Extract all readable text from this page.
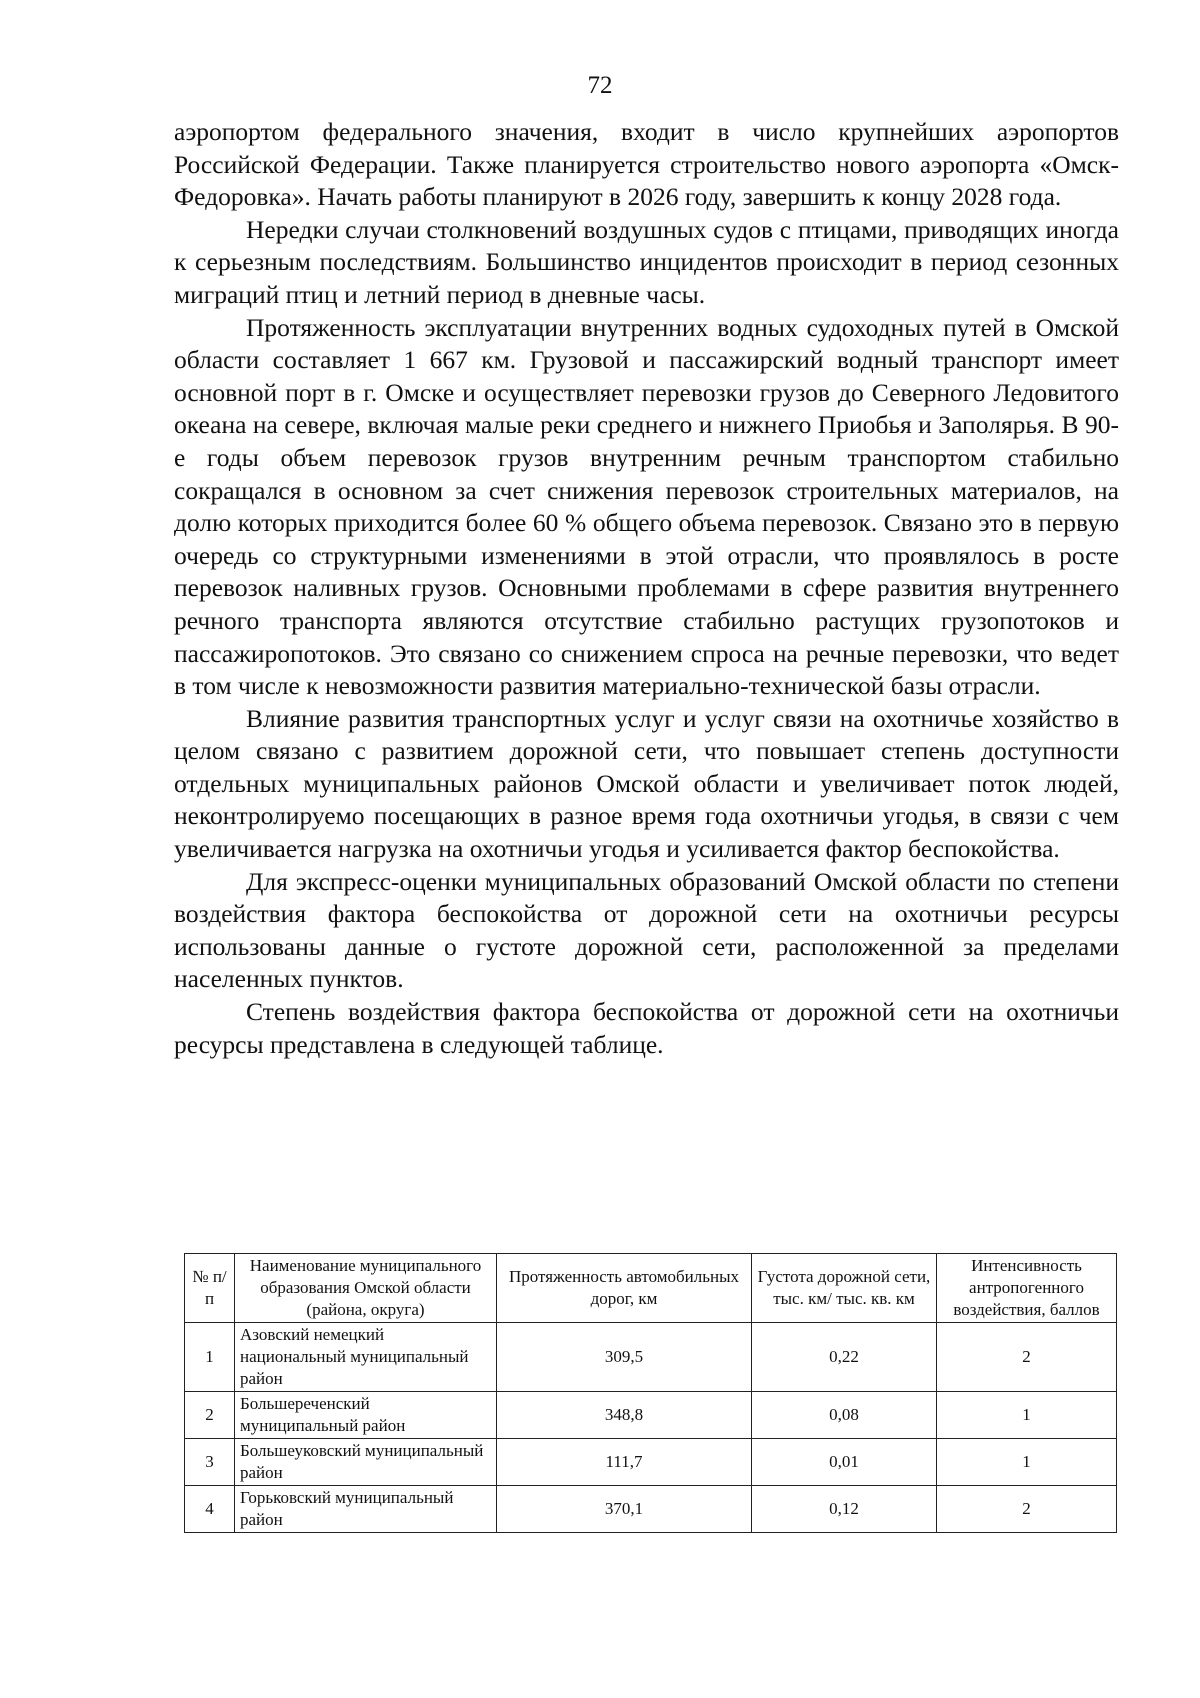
72

аэропортом федерального значения, входит в число крупнейших аэропортов Российской Федерации. Также планируется строительство нового аэропорта «Омск-Федоровка». Начать работы планируют в 2026 году, завершить к концу 2028 года.

Нередки случаи столкновений воздушных судов с птицами, приводящих иногда к серьезным последствиям. Большинство инцидентов происходит в период сезонных миграций птиц и летний период в дневные часы.

Протяженность эксплуатации внутренних водных судоходных путей в Омской области составляет 1 667 км. Грузовой и пассажирский водный транспорт имеет основной порт в г. Омске и осуществляет перевозки грузов до Северного Ледовитого океана на севере, включая малые реки среднего и нижнего Приобья и Заполярья. В 90-е годы объем перевозок грузов внутренним речным транспортом стабильно сокращался в основном за счет снижения перевозок строительных материалов, на долю которых приходится более 60 % общего объема перевозок. Связано это в первую очередь со структурными изменениями в этой отрасли, что проявлялось в росте перевозок наливных грузов. Основными проблемами в сфере развития внутреннего речного транспорта являются отсутствие стабильно растущих грузопотоков и пассажиропотоков. Это связано со снижением спроса на речные перевозки, что ведет в том числе к невозможности развития материально-технической базы отрасли.

Влияние развития транспортных услуг и услуг связи на охотничье хозяйство в целом связано с развитием дорожной сети, что повышает степень доступности отдельных муниципальных районов Омской области и увеличивает поток людей, неконтролируемо посещающих в разное время года охотничьи угодья, в связи с чем увеличивается нагрузка на охотничьи угодья и усиливается фактор беспокойства.

Для экспресс-оценки муниципальных образований Омской области по степени воздействия фактора беспокойства от дорожной сети на охотничьи ресурсы использованы данные о густоте дорожной сети, расположенной за пределами населенных пунктов.

Степень воздействия фактора беспокойства от дорожной сети на охотничьи ресурсы представлена в следующей таблице.

№ п/п	Наименование муниципального образования Омской области (района, округа)	Протяженность автомобильных дорог, км	Густота дорожной сети, тыс. км/ тыс. кв. км	Интенсивность антропогенного воздействия, баллов
1	Азовский немецкий национальный муниципальный район	309,5	0,22	2
2	Большереченский муниципальный район	348,8	0,08	1
3	Большеуковский муниципальный район	111,7	0,01	1
4	Горьковский муниципальный район	370,1	0,12	2
